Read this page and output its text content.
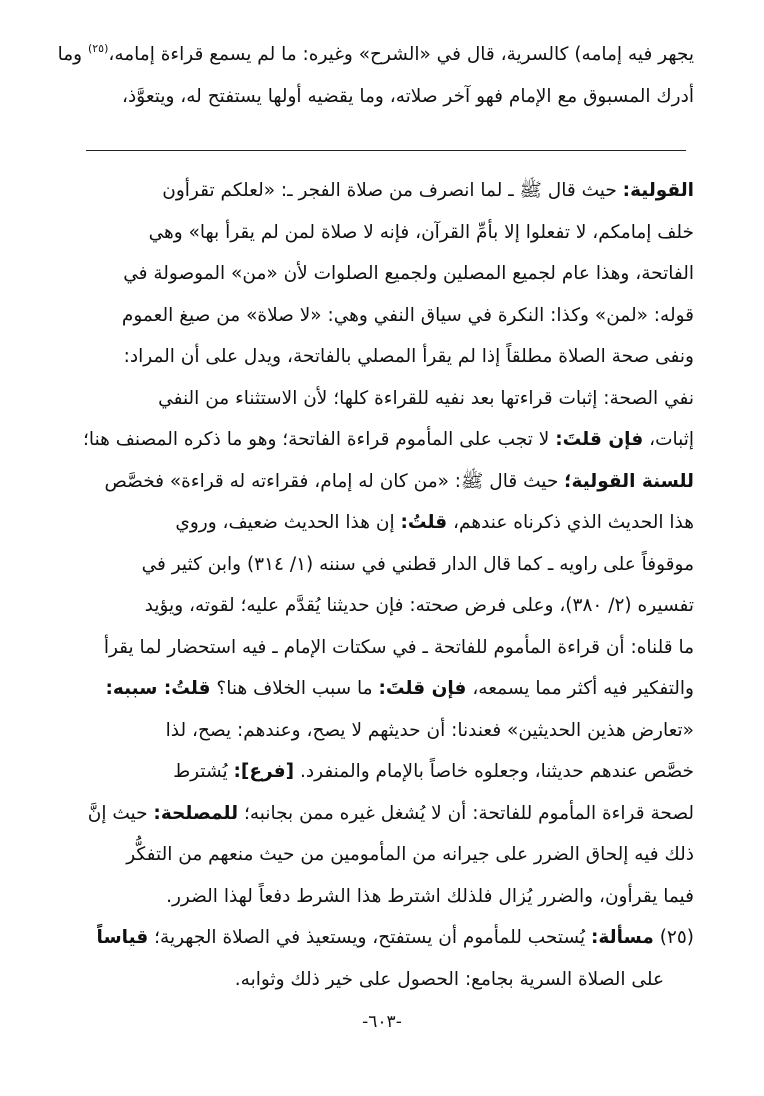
يجهر فيه إمامه) كالسرية، قال في «الشرح» وغيره: ما لم يسمع قراءة إمامه،$^{(٢٥)}$ وما
أدرك المسبوق مع الإمام فهو آخر صلاته، وما يقضيه أولها يستفتح له، ويتعوَّذ،
القولية: حيث قال ﷺ ـ لما انصرف من صلاة الفجر ـ: «لعلكم تقرأون
خلف إمامكم، لا تفعلوا إلا بأمِّ القرآن، فإنه لا صلاة لمن لم يقرأ بها» وهي
الفاتحة، وهذا عام لجميع المصلين ولجميع الصلوات لأن «من» الموصولة في
قوله: «لمن» وكذا: النكرة في سياق النفي وهي: «لا صلاة» من صيغ العموم
ونفى صحة الصلاة مطلقاً إذا لم يقرأ المصلي بالفاتحة، ويدل على أن المراد:
نفي الصحة: إثبات قراءتها بعد نفيه للقراءة كلها؛ لأن الاستثناء من النفي
إثبات، فإن قلتَ: لا تجب على المأموم قراءة الفاتحة؛ وهو ما ذكره المصنف هنا؛
للسنة القولية؛ حيث قال ﷺ: «من كان له إمام، فقراءته له قراءة» فخصَّص
هذا الحديث الذي ذكرناه عندهم، قلتُ: إن هذا الحديث ضعيف، وروي
موقوفاً على راويه ـ كما قال الدار قطني في سننه (١/ ٣١٤) وابن كثير في
تفسيره (٢/ ٣٨٠)، وعلى فرض صحته: فإن حديثنا يُقدَّم عليه؛ لقوته، ويؤيد
ما قلناه: أن قراءة المأموم للفاتحة ـ في سكتات الإمام ـ فيه استحضار لما يقرأ
والتفكير فيه أكثر مما يسمعه، فإن قلتَ: ما سبب الخلاف هنا؟ قلتُ: سببه:
«تعارض هذين الحديثين» فعندنا: أن حديثهم لا يصح، وعندهم: يصح، لذا
خصَّص عندهم حديثنا، وجعلوه خاصاً بالإمام والمنفرد. [فرع]: يُشترط
لصحة قراءة المأموم للفاتحة: أن لا يُشغل غيره ممن بجانبه؛ للمصلحة: حيث إنَّ
ذلك فيه إلحاق الضرر على جيرانه من المأمومين من حيث منعهم من التفكُّر
فيما يقرأون، والضرر يُزال فلذلك اشترط هذا الشرط دفعاً لهذا الضرر.
(٢٥) مسألة: يُستحب للمأموم أن يستفتح، ويستعيذ في الصلاة الجهرية؛ قياساً
على الصلاة السرية بجامع: الحصول على خير ذلك وثوابه.
-٦٠٣-
